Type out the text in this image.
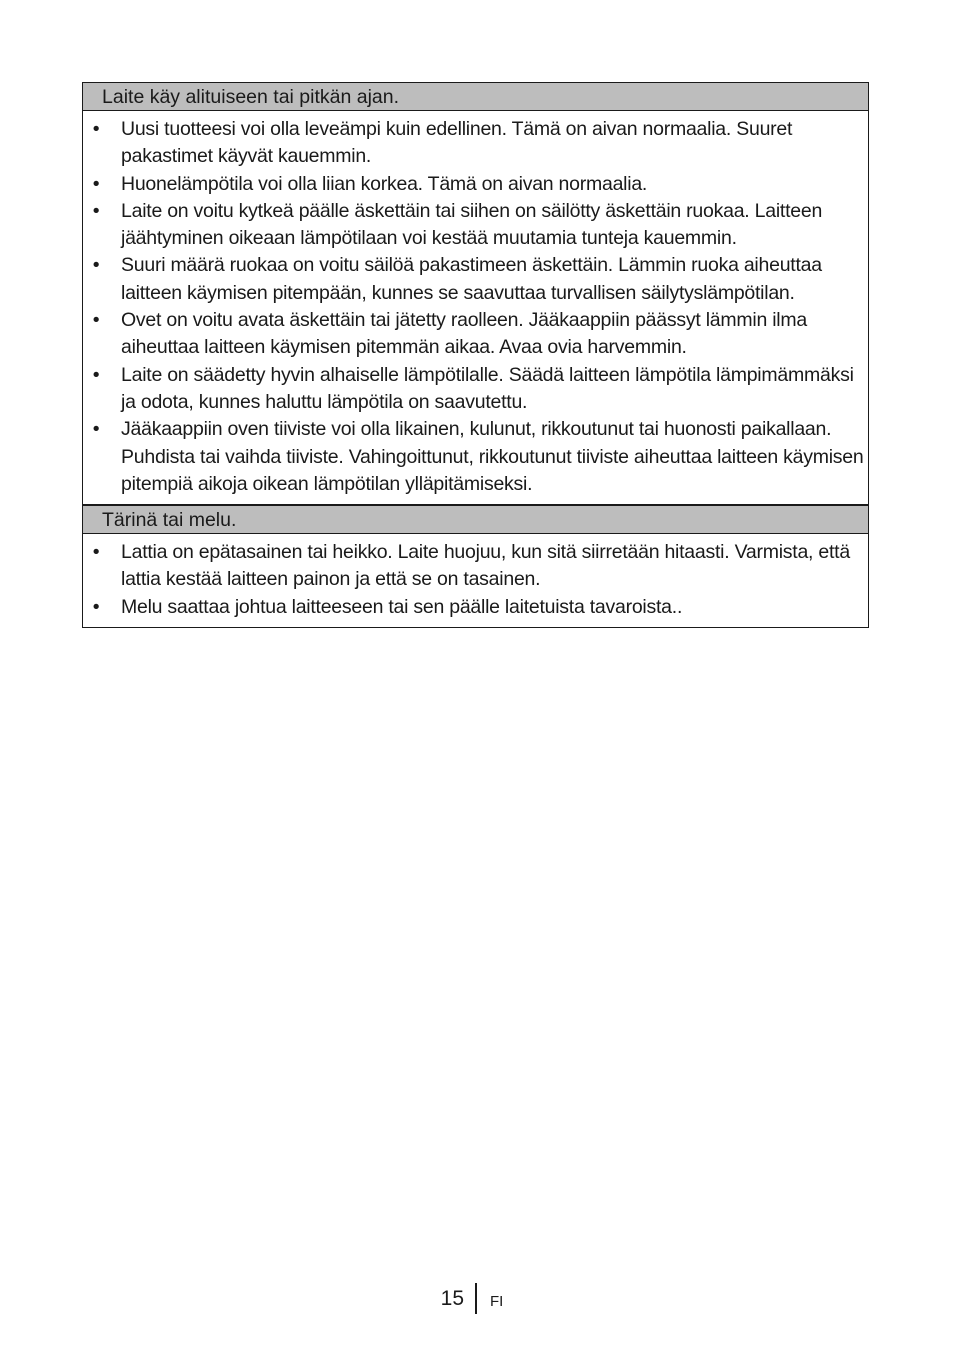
Laite käy alituiseen tai pitkän ajan.
• Uusi tuotteesi voi olla leveämpi kuin edellinen. Tämä on aivan normaalia. Suuret pakastimet käyvät kauemmin.
• Huonelämpötila voi olla liian korkea. Tämä on aivan normaalia.
• Laite on voitu kytkeä päälle äskettäin tai siihen on säilötty äskettäin ruokaa. Laitteen jäähtyminen oikeaan lämpötilaan voi kestää muutamia tunteja kauemmin.
• Suuri määrä ruokaa on voitu säilöä pakastimeen äskettäin. Lämmin ruoka aiheuttaa laitteen käymisen pitempään, kunnes se saavuttaa turvallisen säilytyslämpötilan.
• Ovet on voitu avata äskettäin tai jätetty raolleen. Jääkaappiin päässyt lämmin ilma aiheuttaa laitteen käymisen pitemmän aikaa. Avaa ovia harvemmin.
• Laite on säädetty hyvin alhaiselle lämpötilalle. Säädä laitteen lämpötila lämpimämmäksi ja odota, kunnes haluttu lämpötila on saavutettu.
• Jääkaappiin oven tiiviste voi olla likainen, kulunut, rikkoutunut tai huonosti paikallaan. Puhdista tai vaihda tiiviste. Vahingoittunut, rikkoutunut tiiviste aiheuttaa laitteen käymisen pitempiä aikoja oikean lämpötilan ylläpitämiseksi.
Tärinä tai melu.
• Lattia on epätasainen tai heikko. Laite huojuu, kun sitä siirretään hitaasti. Varmista, että lattia kestää laitteen painon ja että se on tasainen.
• Melu saattaa johtua laitteeseen tai sen päälle laitetuista tavaroista..
15 FI
